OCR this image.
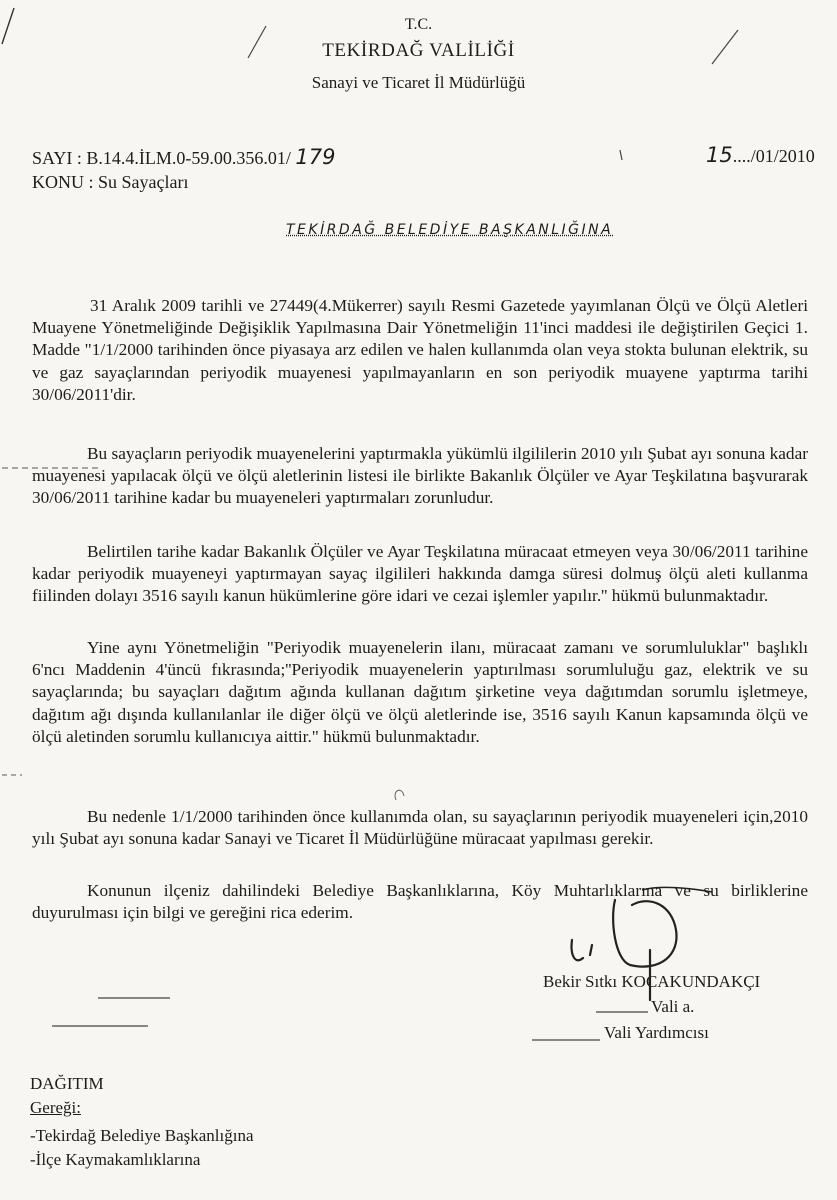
T.C.
TEKİRDAĞ VALİLİĞİ
Sanayi ve Ticaret İl Müdürlüğü
SAYI : B.14.4.İLM.0-59.00.356.01/ 179	15..../01/2010
KONU : Su Sayaçları
TEKİRDAĞ BELEDİYE BAŞKANLIĞINA
31 Aralık 2009 tarihli ve 27449(4.Mükerrer) sayılı Resmi Gazetede yayımlanan Ölçü ve Ölçü Aletleri Muayene Yönetmeliğinde Değişiklik Yapılmasına Dair Yönetmeliğin 11'inci maddesi ile değiştirilen Geçici 1. Madde "1/1/2000 tarihinden önce piyasaya arz edilen ve halen kullanımda olan veya stokta bulunan elektrik, su ve gaz sayaçlarından periyodik muayenesi yapılmayanların en son periyodik muayene yaptırma tarihi 30/06/2011'dir.
Bu sayaçların periyodik muayenelerini yaptırmakla yükümlü ilgililerin 2010 yılı Şubat ayı sonuna kadar muayenesi yapılacak ölçü ve ölçü aletlerinin listesi ile birlikte Bakanlık Ölçüler ve Ayar Teşkilatına başvurarak 30/06/2011 tarihine kadar bu muayeneleri yaptırmaları zorunludur.
Belirtilen tarihe kadar Bakanlık Ölçüler ve Ayar Teşkilatına müracaat etmeyen veya 30/06/2011 tarihine kadar periyodik muayeneyi yaptırmayan sayaç ilgilileri hakkında damga süresi dolmuş ölçü aleti kullanma fiilinden dolayı 3516 sayılı kanun hükümlerine göre idari ve cezai işlemler yapılır.'' hükmü bulunmaktadır.
Yine aynı Yönetmeliğin "Periyodik muayenelerin ilanı, müracaat zamanı ve sorumluluklar" başlıklı 6'ncı Maddenin 4'üncü fıkrasında;''Periyodik muayenelerin yaptırılması sorumluluğu gaz, elektrik ve su sayaçlarında; bu sayaçları dağıtım ağında kullanan dağıtım şirketine veya dağıtımdan sorumlu işletmeye, dağıtım ağı dışında kullanılanlar ile diğer ölçü ve ölçü aletlerinde ise, 3516 sayılı Kanun kapsamında ölçü ve ölçü aletinden sorumlu kullanıcıya aittir." hükmü bulunmaktadır.
Bu nedenle 1/1/2000 tarihinden önce kullanımda olan, su sayaçlarının periyodik muayeneleri için,2010 yılı Şubat ayı sonuna kadar Sanayi ve Ticaret İl Müdürlüğüne müracaat yapılması gerekir.
Konunun ilçeniz dahilindeki Belediye Başkanlıklarına, Köy Muhtarlıklarına ve su birliklerine duyurulması için bilgi ve gereğini rica ederim.
Bekir Sıtkı KOCAKUNDAKÇI
Vali a.
Vali Yardımcısı
DAĞITIM
Gereği:
-Tekirdağ Belediye Başkanlığına
-İlçe Kaymakamlıklarına
